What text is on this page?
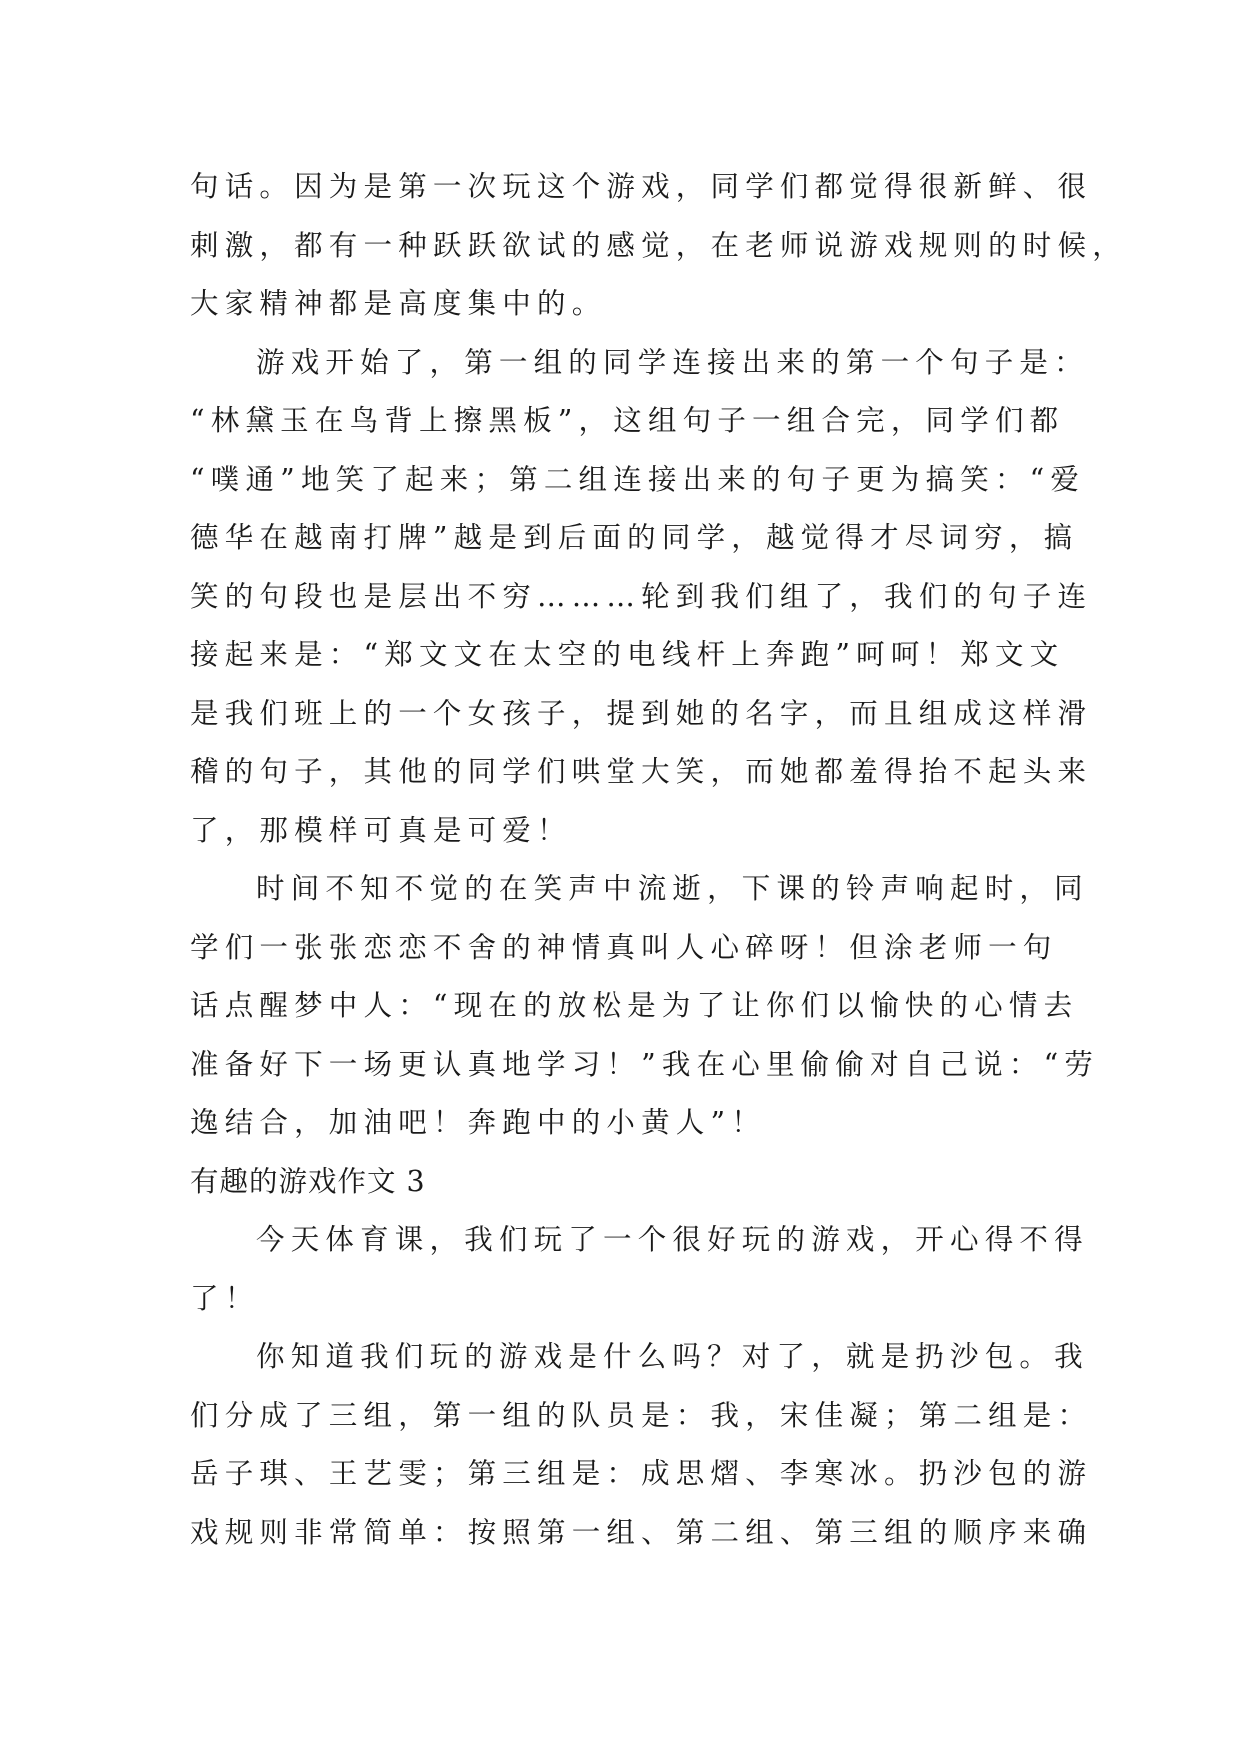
句话。因为是第一次玩这个游戏，同学们都觉得很新鲜、很
刺激，都有一种跃跃欲试的感觉，在老师说游戏规则的时候，
大家精神都是高度集中的。
游戏开始了，第一组的同学连接出来的第一个句子是：
“林黛玉在鸟背上擦黑板”，这组句子一组合完，同学们都
“噗通”地笑了起来；第二组连接出来的句子更为搞笑：“爱
德华在越南打牌”越是到后面的同学，越觉得才尽词穷，搞
笑的句段也是层出不穷………轮到我们组了，我们的句子连
接起来是：“郑文文在太空的电线杆上奔跑”呵呵！郑文文
是我们班上的一个女孩子，提到她的名字，而且组成这样滑
稽的句子，其他的同学们哄堂大笑，而她都羞得抬不起头来
了，那模样可真是可爱！
时间不知不觉的在笑声中流逝，下课的铃声响起时，同
学们一张张恋恋不舍的神情真叫人心碎呀！但涂老师一句
话点醒梦中人：“现在的放松是为了让你们以愉快的心情去
准备好下一场更认真地学习！”我在心里偷偷对自己说：“劳
逸结合，加油吧！奔跑中的小黄人”！
有趣的游戏作文 3
今天体育课，我们玩了一个很好玩的游戏，开心得不得
了！
你知道我们玩的游戏是什么吗？对了，就是扔沙包。我
们分成了三组，第一组的队员是：我，宋佳凝；第二组是：
岳子琪、王艺雯；第三组是：成思熠、李寒冰。扔沙包的游
戏规则非常简单：按照第一组、第二组、第三组的顺序来确
